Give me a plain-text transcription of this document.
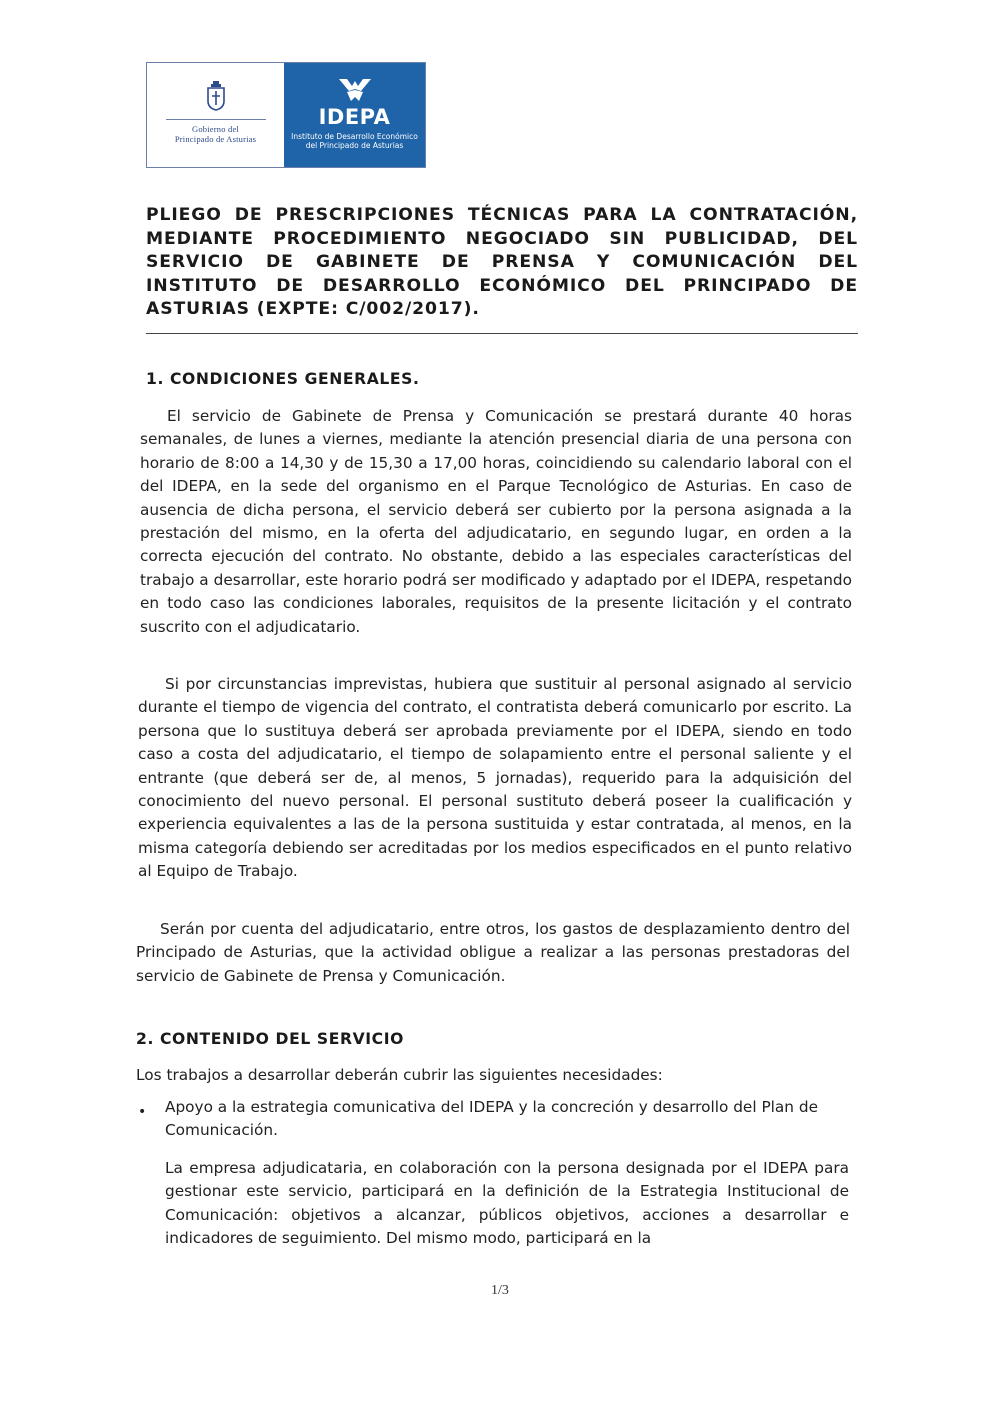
Gobierno del
Principado de Asturias
IDEPA
Instituto de Desarrollo Económico
del Principado de Asturias
PLIEGO DE PRESCRIPCIONES TÉCNICAS PARA LA CONTRATACIÓN, MEDIANTE PROCEDIMIENTO NEGOCIADO SIN PUBLICIDAD, DEL SERVICIO DE GABINETE DE PRENSA Y COMUNICACIÓN DEL INSTITUTO DE DESARROLLO ECONÓMICO DEL PRINCIPADO DE ASTURIAS (EXPTE: C/002/2017).
1. CONDICIONES GENERALES.
El servicio de Gabinete de Prensa y Comunicación se prestará durante 40 horas semanales, de lunes a viernes, mediante la atención presencial diaria de una persona con horario de 8:00 a 14,30 y de 15,30 a 17,00 horas, coincidiendo su calendario laboral con el del IDEPA, en la sede del organismo en el Parque Tecnológico de Asturias. En caso de ausencia de dicha persona, el servicio deberá ser cubierto por la persona asignada a la prestación del mismo, en la oferta del adjudicatario, en segundo lugar, en orden a la correcta ejecución del contrato. No obstante, debido a las especiales características del trabajo a desarrollar, este horario podrá ser modificado y adaptado por el IDEPA, respetando en todo caso las condiciones laborales, requisitos de la presente licitación y el contrato suscrito con el adjudicatario.
Si por circunstancias imprevistas, hubiera que sustituir al personal asignado al servicio durante el tiempo de vigencia del contrato, el contratista deberá comunicarlo por escrito. La persona que lo sustituya deberá ser aprobada previamente por el IDEPA, siendo en todo caso a costa del adjudicatario, el tiempo de solapamiento entre el personal saliente y el entrante (que deberá ser de, al menos, 5 jornadas), requerido para la adquisición del conocimiento del nuevo personal. El personal sustituto deberá poseer la cualificación y experiencia equivalentes a las de la persona sustituida y estar contratada, al menos, en la misma categoría debiendo ser acreditadas por los medios especificados en el punto relativo al Equipo de Trabajo.
Serán por cuenta del adjudicatario, entre otros, los gastos de desplazamiento dentro del Principado de Asturias, que la actividad obligue a realizar a las personas prestadoras del servicio de Gabinete de Prensa y Comunicación.
2. CONTENIDO DEL SERVICIO
Los trabajos a desarrollar deberán cubrir las siguientes necesidades:
• Apoyo a la estrategia comunicativa del IDEPA y la concreción y desarrollo del Plan de Comunicación.
La empresa adjudicataria, en colaboración con la persona designada por el IDEPA para gestionar este servicio, participará en la definición de la Estrategia Institucional de Comunicación: objetivos a alcanzar, públicos objetivos, acciones a desarrollar e indicadores de seguimiento. Del mismo modo, participará en la
1/3
